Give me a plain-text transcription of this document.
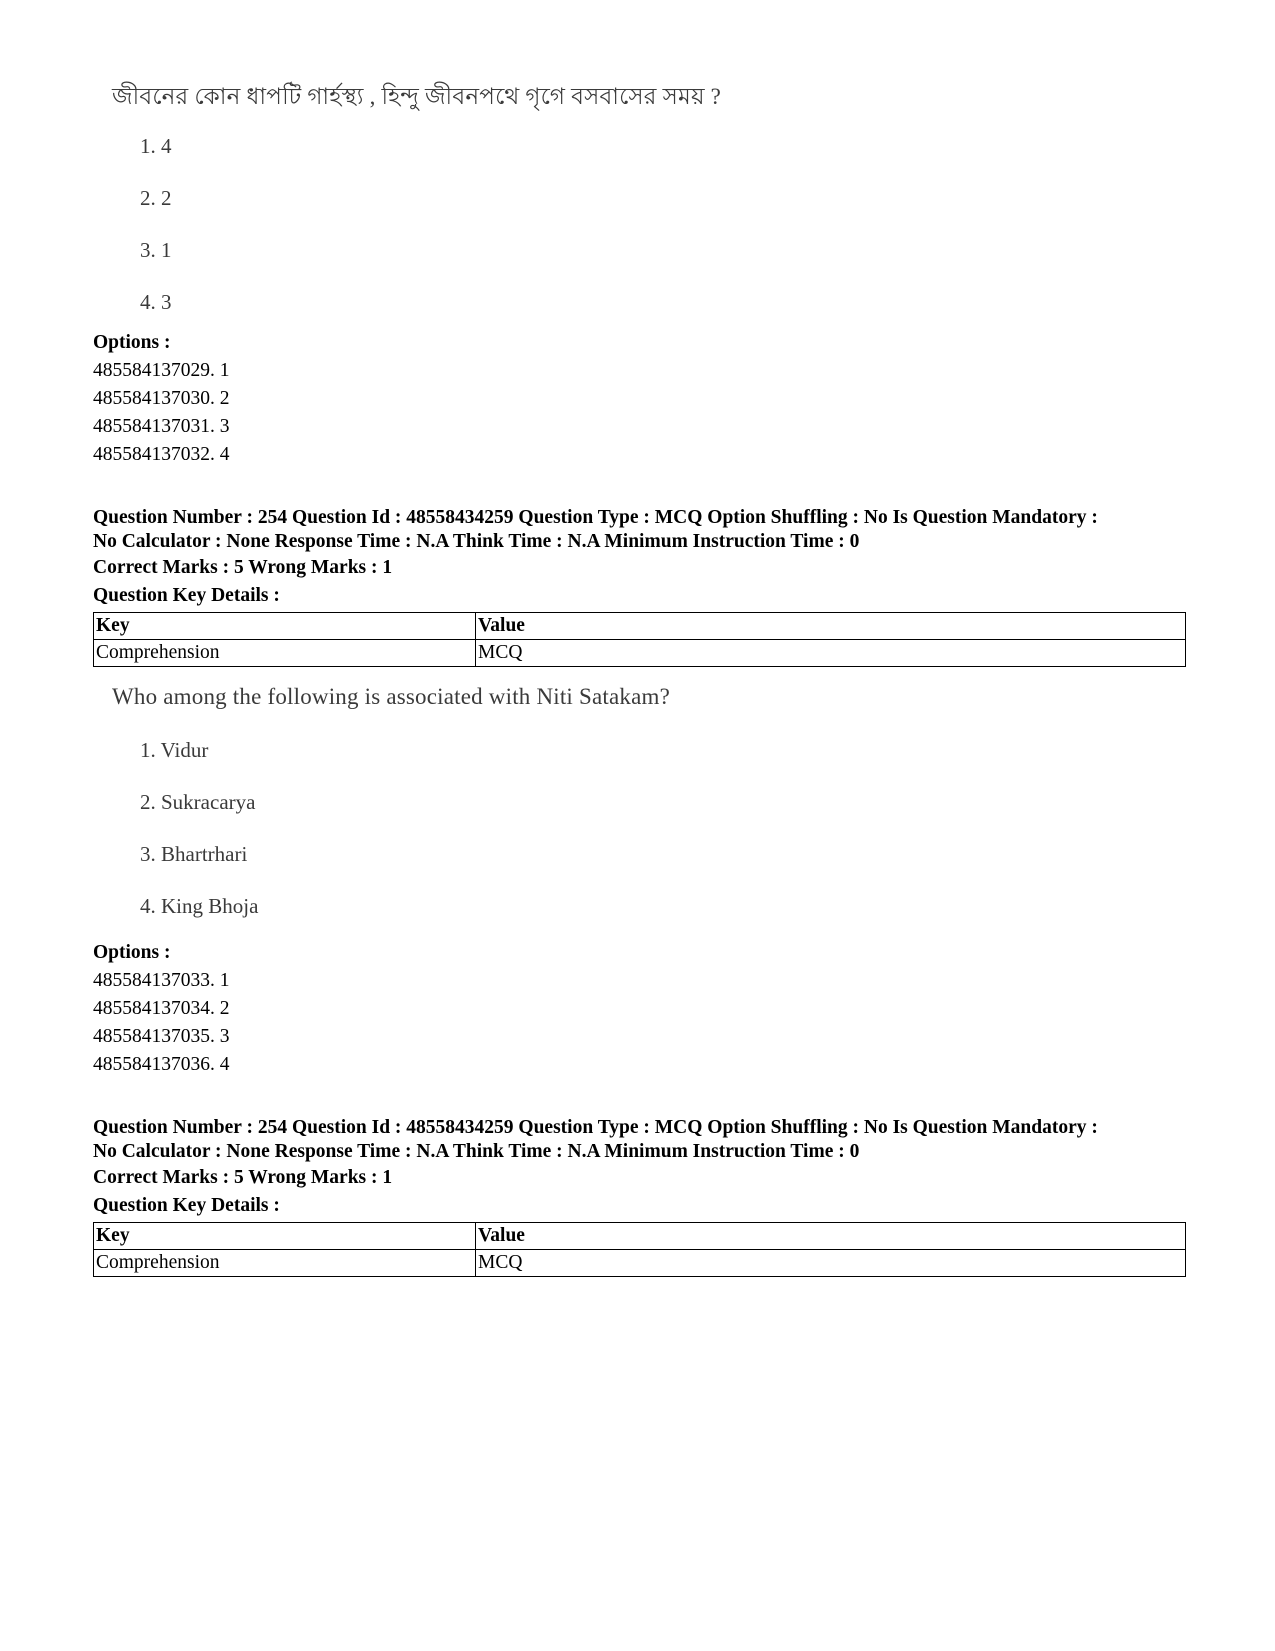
জীবনের কোন ধাপটি গার্হস্থ্য , হিন্দু জীবনপথে গৃগে বসবাসের সময় ?
1. 4
2. 2
3. 1
4. 3
Options :
485584137029. 1
485584137030. 2
485584137031. 3
485584137032. 4
Question Number : 254 Question Id : 48558434259 Question Type : MCQ Option Shuffling : No Is Question Mandatory :
No Calculator : None Response Time : N.A Think Time : N.A Minimum Instruction Time : 0
Correct Marks : 5 Wrong Marks : 1
Question Key Details :
Key	Value
Comprehension	MCQ
Who among the following is associated with Niti Satakam?
1. Vidur
2. Sukracarya
3. Bhartrhari
4. King Bhoja
Options :
485584137033. 1
485584137034. 2
485584137035. 3
485584137036. 4
Question Number : 254 Question Id : 48558434259 Question Type : MCQ Option Shuffling : No Is Question Mandatory :
No Calculator : None Response Time : N.A Think Time : N.A Minimum Instruction Time : 0
Correct Marks : 5 Wrong Marks : 1
Question Key Details :
Key	Value
Comprehension	MCQ
